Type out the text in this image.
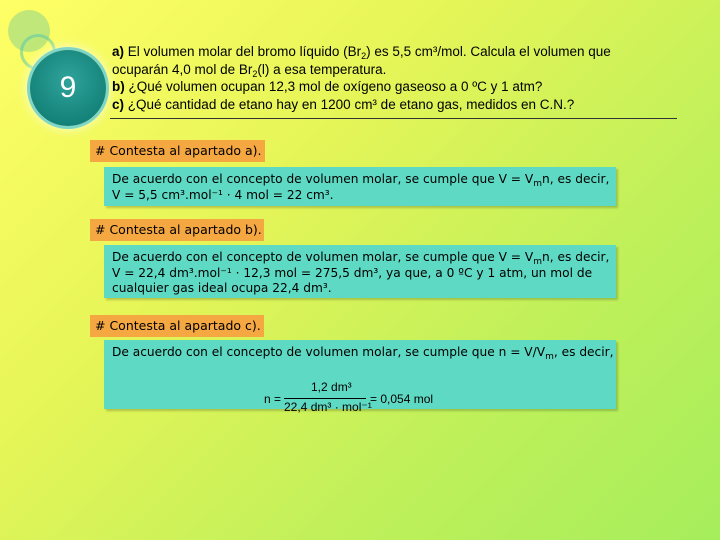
9
a) El volumen molar del bromo líquido $(Br_2)$ es 5,5 cm³/mol. Calcula el volumen que
ocuparán 4,0 mol de $Br_2(l)$ a esa temperatura.
b) ¿Qué volumen ocupan 12,3 mol de oxígeno gaseoso a 0 ºC y 1 atm?
c) ¿Qué cantidad de etano hay en 1200 cm³ de etano gas, medidos en C.N.?
# Contesta al apartado a).
De acuerdo con el concepto de volumen molar, se cumple que $V = V_mn$, es decir,
V = 5,5 cm³.mol⁻¹ · 4 mol = 22 cm³.
# Contesta al apartado b).
De acuerdo con el concepto de volumen molar, se cumple que $V = V_mn$, es decir,
V = 22,4 dm³.mol⁻¹ · 12,3 mol = 275,5 dm³, ya que, a 0 ºC y 1 atm, un mol de
cualquier gas ideal ocupa 22,4 dm³.
# Contesta al apartado c).
De acuerdo con el concepto de volumen molar, se cumple que $n = V/V_m$, es decir,
n =
1,2 dm³
22,4 dm³ · mol⁻¹
= 0,054 mol
